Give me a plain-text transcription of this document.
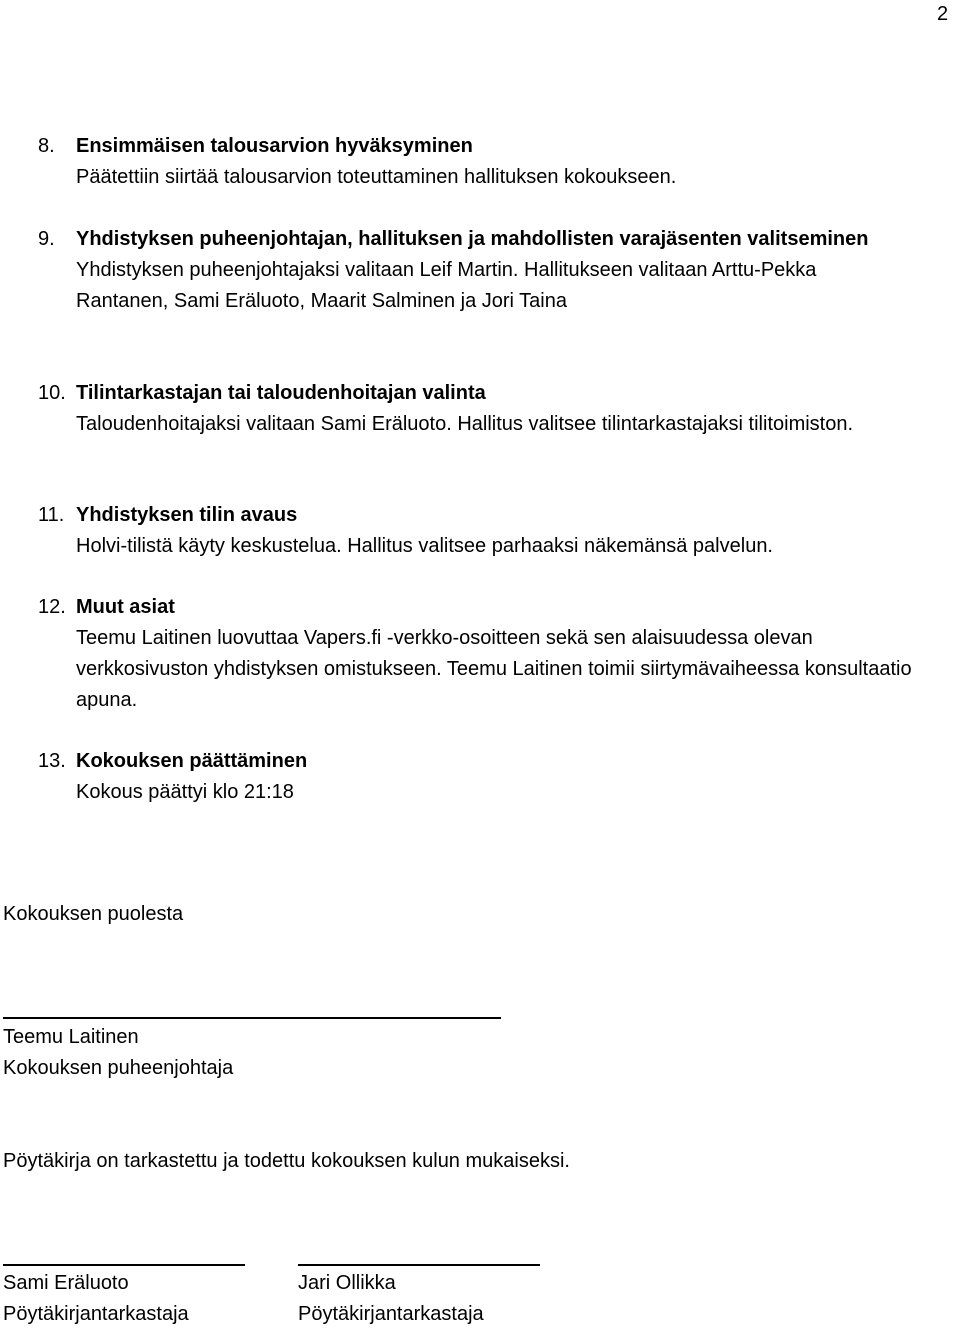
2
8. Ensimmäisen talousarvion hyväksyminen
Päätettiin siirtää talousarvion toteuttaminen hallituksen kokoukseen.
9. Yhdistyksen puheenjohtajan, hallituksen ja mahdollisten varajäsenten valitseminen
Yhdistyksen puheenjohtajaksi valitaan Leif Martin. Hallitukseen valitaan Arttu-Pekka Rantanen, Sami Eräluoto, Maarit Salminen ja Jori Taina
10. Tilintarkastajan tai taloudenhoitajan valinta
Taloudenhoitajaksi valitaan Sami Eräluoto. Hallitus valitsee tilintarkastajaksi tilitoimiston.
11. Yhdistyksen tilin avaus
Holvi-tilistä käyty keskustelua. Hallitus valitsee parhaaksi näkemänsä palvelun.
12. Muut asiat
Teemu Laitinen luovuttaa Vapers.fi -verkko-osoitteen sekä sen alaisuudessa olevan verkkosivuston yhdistyksen omistukseen. Teemu Laitinen toimii siirtymävaiheessa konsultaatio apuna.
13. Kokouksen päättäminen
Kokous päättyi klo 21:18
Kokouksen puolesta
Teemu Laitinen
Kokouksen puheenjohtaja
Pöytäkirja on tarkastettu ja todettu kokouksen kulun mukaiseksi.
Sami Eräluoto
Pöytäkirjantarkastaja
Jari Ollikka
Pöytäkirjantarkastaja
